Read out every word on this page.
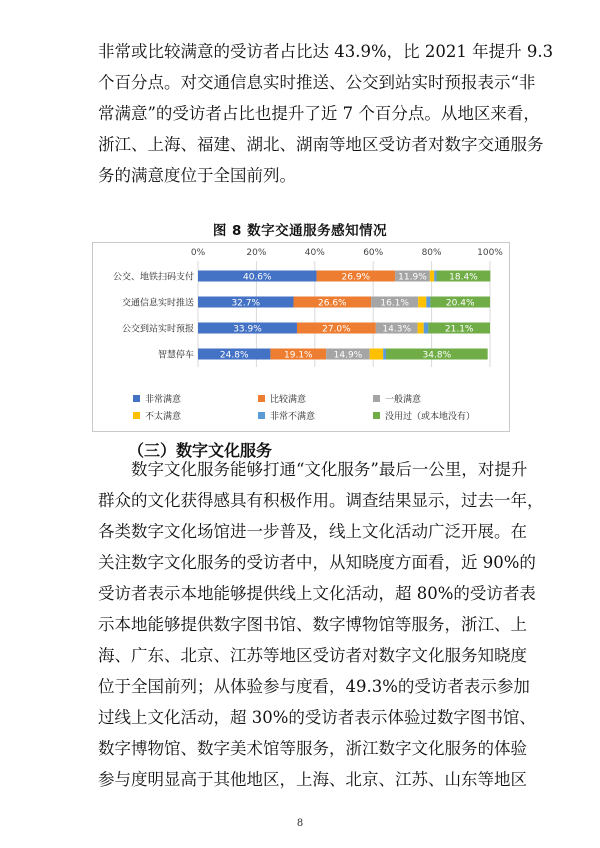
非常或比较满意的受访者占比达 43.9%，比 2021 年提升 9.3
个百分点。对交通信息实时推送、公交到站实时预报表示“非
常满意”的受访者占比也提升了近 7 个百分点。从地区来看，
浙江、上海、福建、湖北、湖南等地区受访者对数字交通服务
务的满意度位于全国前列。
图 8 数字交通服务感知情况
0%	20%	40%	60%	80%	100%
公交、地铁扫码支付	40.6%	26.9%	11.9% 18.4%
交通信息实时推送	32.7%	26.6%	16.1%	20.4%
公交到站实时预报	33.9%	27.0%	14.3%	21.1%
智慧停车	24.8%	19.1% 14.9%	34.8%
非常满意	比较满意	一般满意
不太满意	非常不满意	没用过（或本地没有）
（三）数字文化服务
　　数字文化服务能够打通“文化服务”最后一公里，对提升
群众的文化获得感具有积极作用。调查结果显示，过去一年，
各类数字文化场馆进一步普及，线上文化活动广泛开展。在
关注数字文化服务的受访者中，从知晓度方面看，近 90%的
受访者表示本地能够提供线上文化活动，超 80%的受访者表
示本地能够提供数字图书馆、数字博物馆等服务，浙江、上
海、广东、北京、江苏等地区受访者对数字文化服务知晓度
位于全国前列；从体验参与度看，49.3%的受访者表示参加
过线上文化活动，超 30%的受访者表示体验过数字图书馆、
数字博物馆、数字美术馆等服务，浙江数字文化服务的体验
参与度明显高于其他地区，上海、北京、江苏、山东等地区
8
